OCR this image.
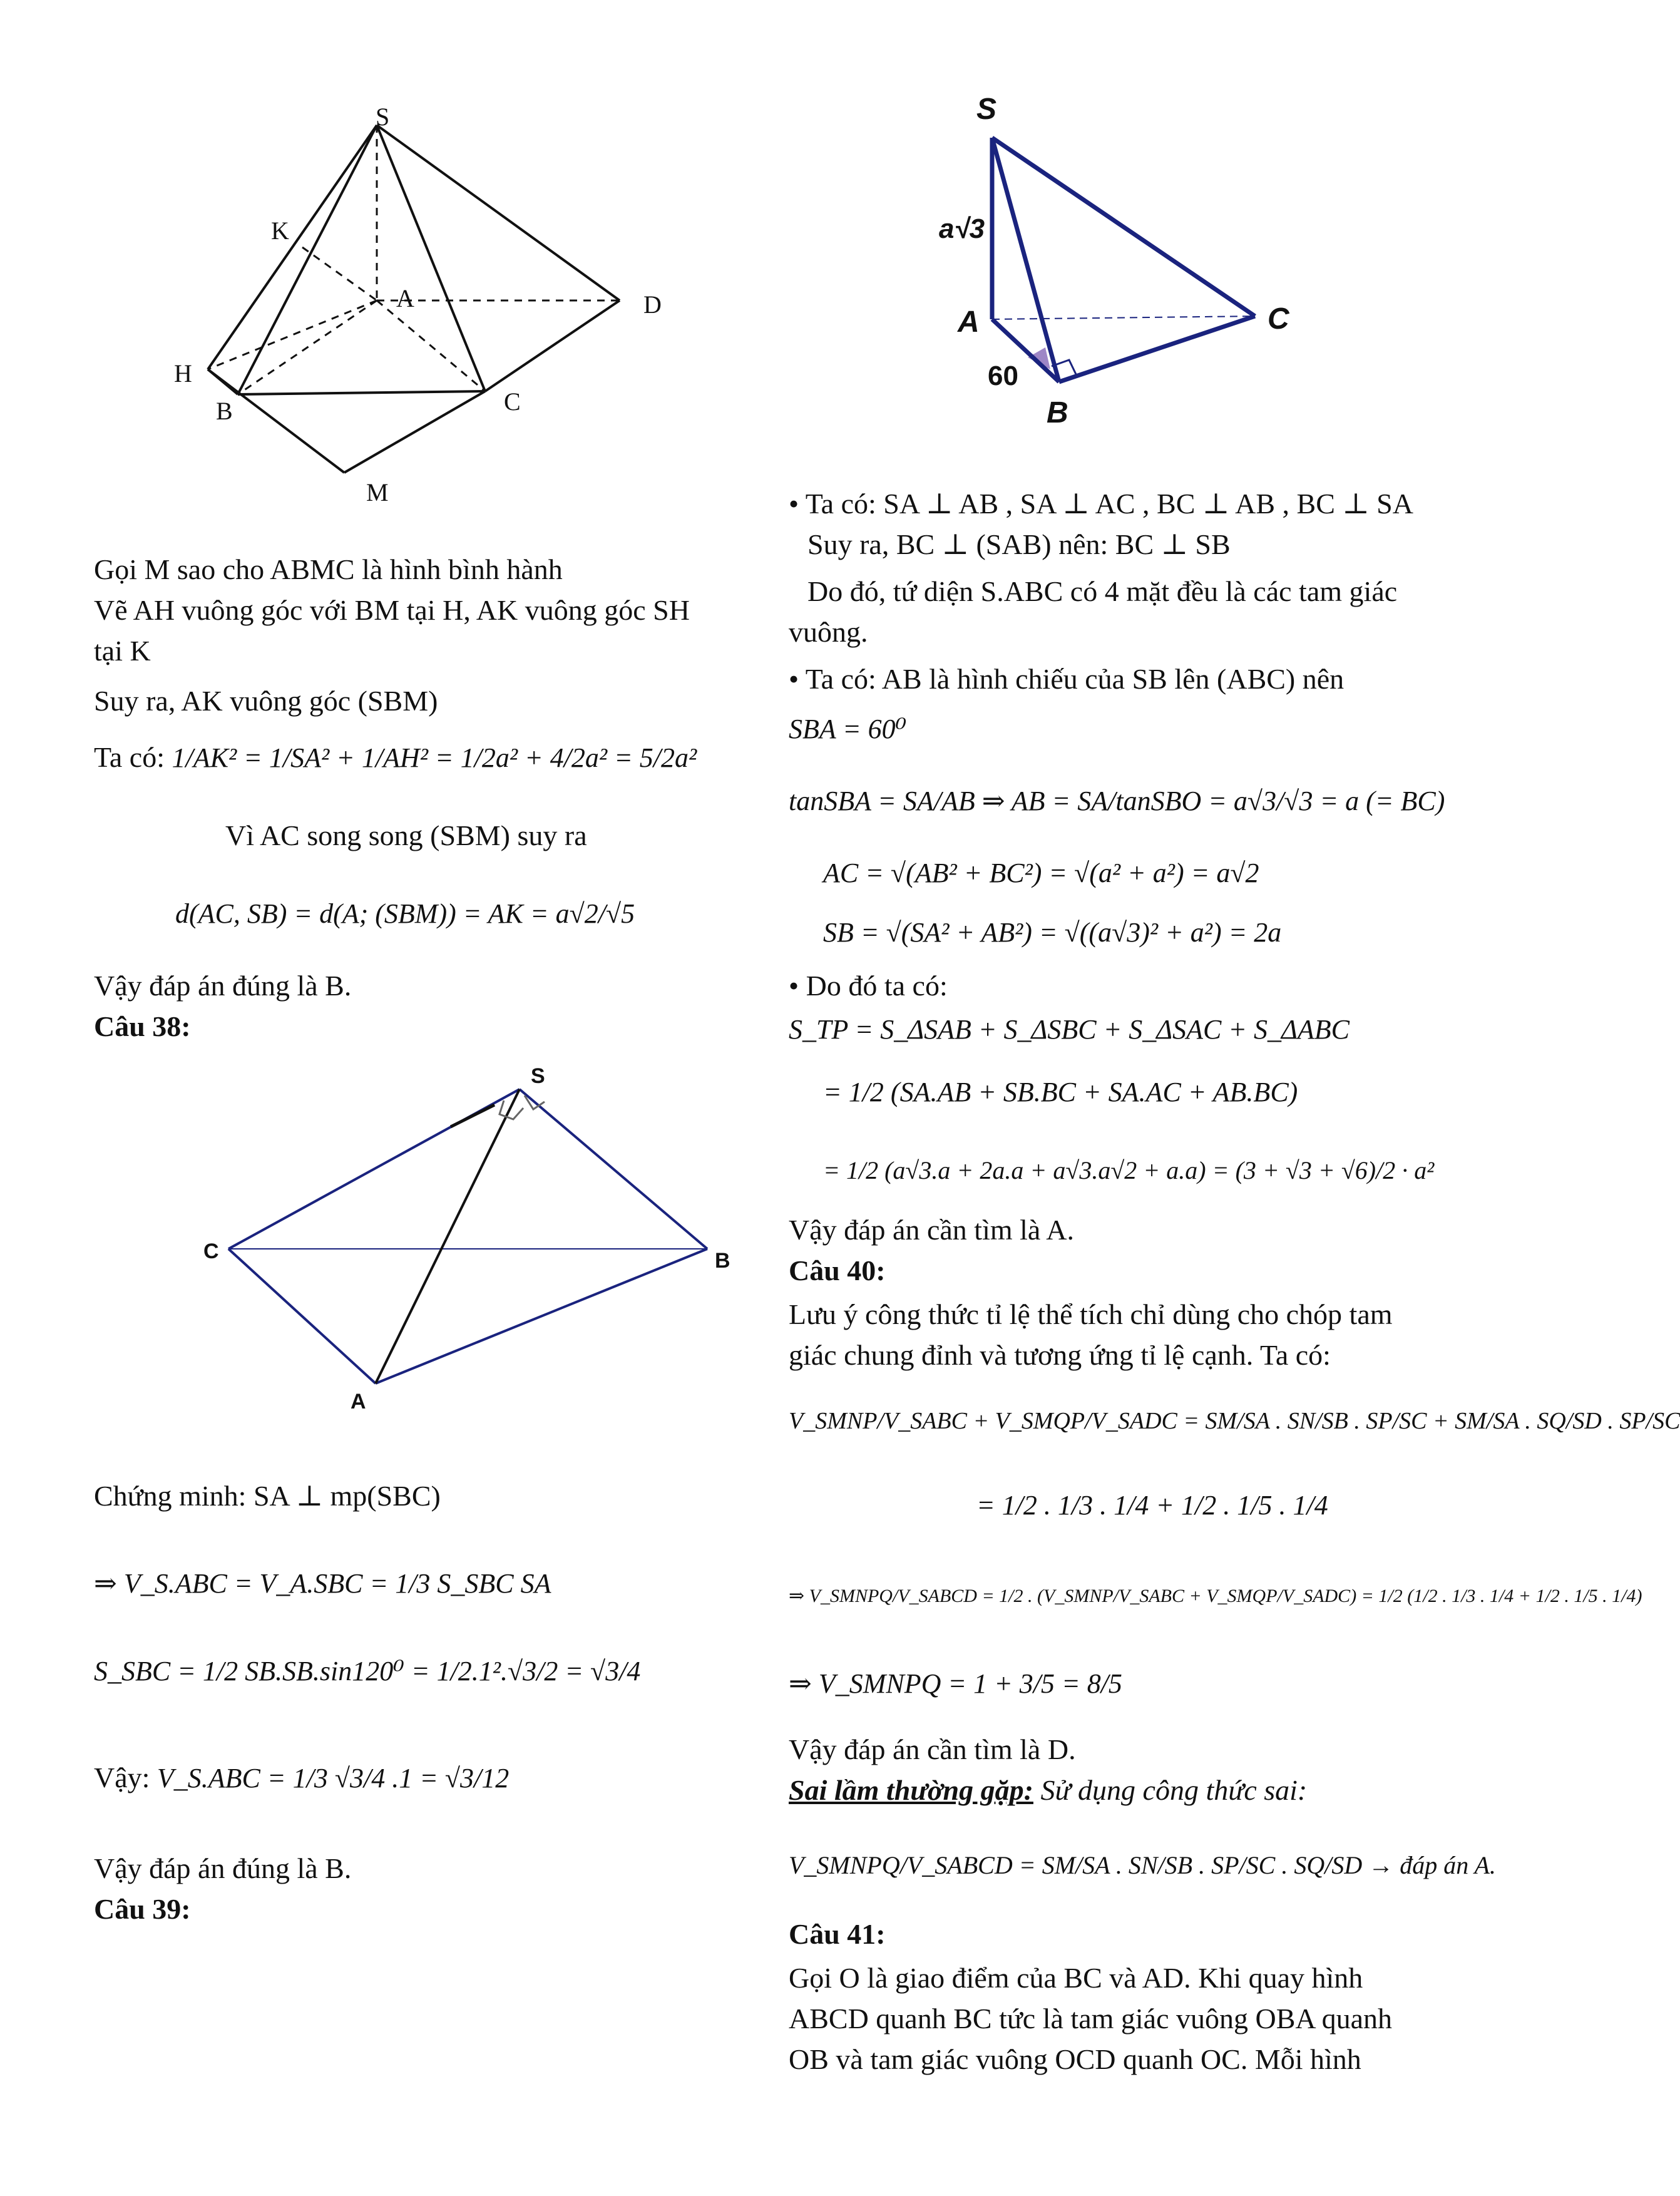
S
K
A	D
H
B	C
M
Gọi M sao cho ABMC là hình bình hành
Vẽ AH vuông góc với BM tại H, AK vuông góc SH
tại K
Suy ra, AK vuông góc (SBM)
Ta có: 1/AK² = 1/SA² + 1/AH² = 1/2a² + 4/2a² = 5/2a²
Vì AC song song (SBM) suy ra
d(AC, SB) = d(A; (SBM)) = AK = a√2/√5
Vậy đáp án đúng là B.
Câu 38:
S
C	B
A
Chứng minh: SA ⊥ mp(SBC)
⇒ V_S.ABC = V_A.SBC = 1/3 S_SBC SA
S_SBC = 1/2 SB.SB.sin120⁰ = 1/2.1².√3/2 = √3/4
Vậy: V_S.ABC = 1/3 √3/4 .1 = √3/12
Vậy đáp án đúng là B.
Câu 39:
S
a√3
A	C
60
B
• Ta có: SA ⊥ AB , SA ⊥ AC , BC ⊥ AB , BC ⊥ SA
Suy ra, BC ⊥ (SAB) nên: BC ⊥ SB
Do đó, tứ diện S.ABC có 4 mặt đều là các tam giác
vuông.
• Ta có: AB là hình chiếu của SB lên (ABC) nên
SBA = 60⁰
tanSBA = SA/AB ⇒ AB = SA/tanSBO = a√3/√3 = a (= BC)
AC = √(AB² + BC²) = √(a² + a²) = a√2
SB = √(SA² + AB²) = √((a√3)² + a²) = 2a
• Do đó ta có:
S_TP = S_ΔSAB + S_ΔSBC + S_ΔSAC + S_ΔABC
= 1/2 (SA.AB + SB.BC + SA.AC + AB.BC)
= 1/2 (a√3.a + 2a.a + a√3.a√2 + a.a) = (3 + √3 + √6)/2 · a²
Vậy đáp án cần tìm là A.
Câu 40:
Lưu ý công thức tỉ lệ thể tích chỉ dùng cho chóp tam
giác chung đỉnh và tương ứng tỉ lệ cạnh. Ta có:
V_SMNP/V_SABC + V_SMQP/V_SADC = SM/SA . SN/SB . SP/SC + SM/SA . SQ/SD . SP/SC
= 1/2 . 1/3 . 1/4 + 1/2 . 1/5 . 1/4
⇒ V_SMNPQ/V_SABCD = 1/2 . (V_SMNP/V_SABC + V_SMQP/V_SADC) = 1/2 (1/2 . 1/3 . 1/4 + 1/2 . 1/5 . 1/4)
⇒ V_SMNPQ = 1 + 3/5 = 8/5
Vậy đáp án cần tìm là D.
Sai lầm thường gặp: Sử dụng công thức sai:
V_SMNPQ/V_SABCD = SM/SA . SN/SB . SP/SC . SQ/SD → đáp án A.
Câu 41:
Gọi O là giao điểm của BC và AD. Khi quay hình
ABCD quanh BC tức là tam giác vuông OBA quanh
OB và tam giác vuông OCD quanh OC. Mỗi hình
